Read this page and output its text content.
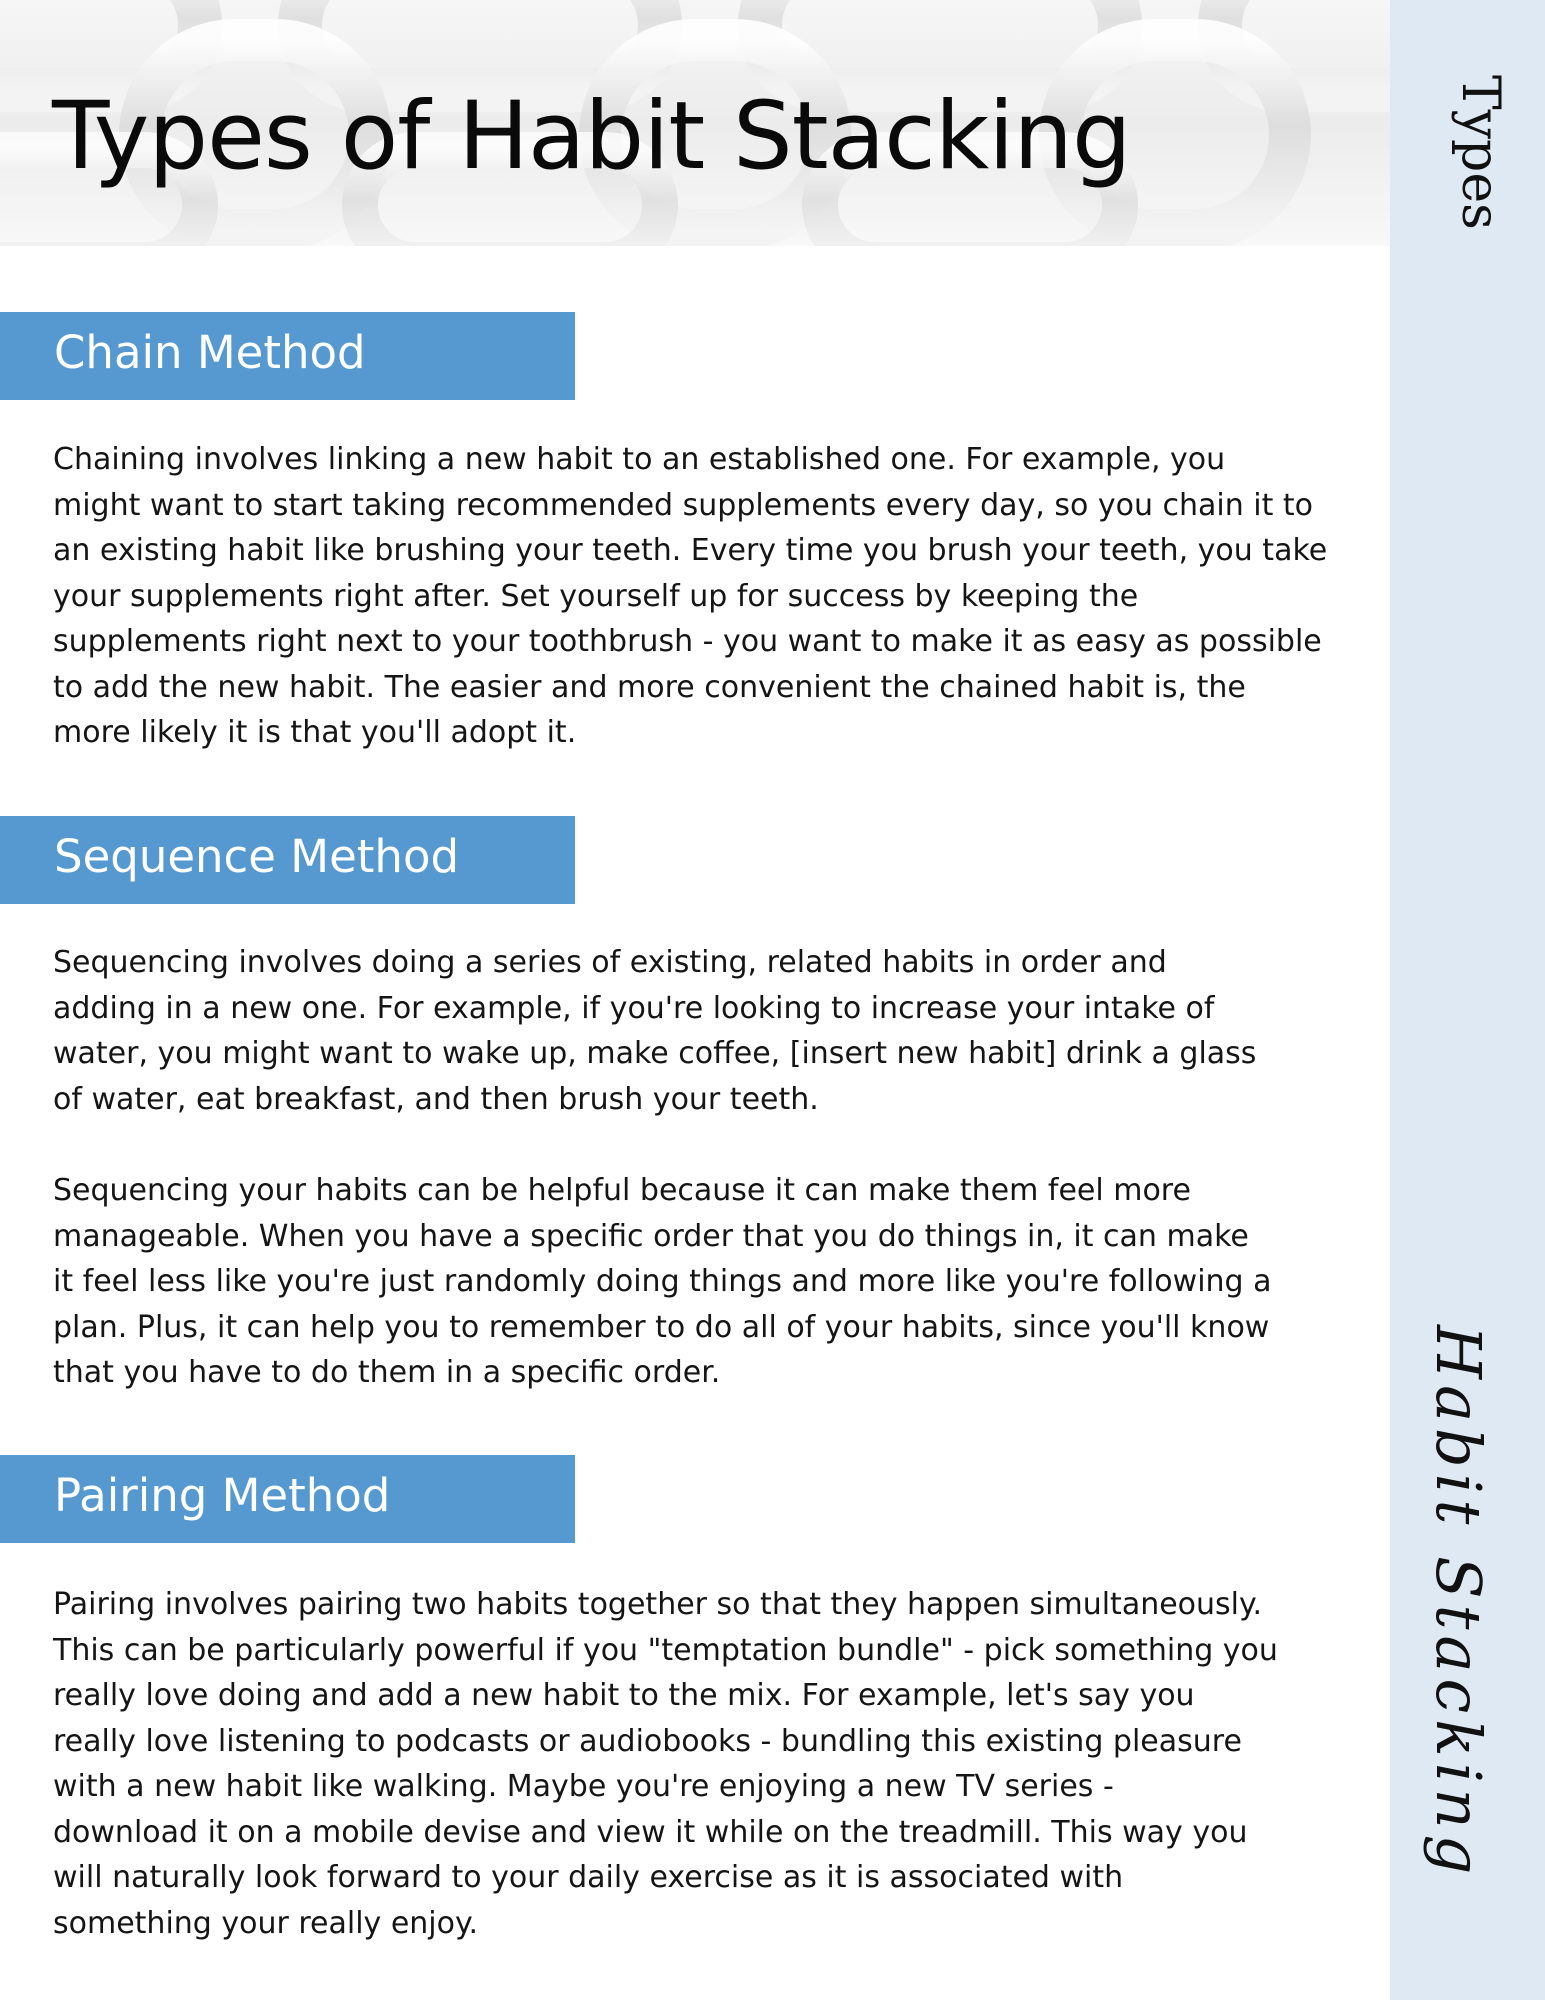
Types of Habit Stacking	Types
Habit Stacking
Chain Method

Chaining involves linking a new habit to an established one. For example, you
might want to start taking recommended supplements every day, so you chain it to
an existing habit like brushing your teeth. Every time you brush your teeth, you take
your supplements right after. Set yourself up for success by keeping the
supplements right next to your toothbrush - you want to make it as easy as possible
to add the new habit. The easier and more convenient the chained habit is, the
more likely it is that you'll adopt it.

Sequence Method

Sequencing involves doing a series of existing, related habits in order and
adding in a new one. For example, if you're looking to increase your intake of
water, you might want to wake up, make coffee, [insert new habit] drink a glass
of water, eat breakfast, and then brush your teeth.

Sequencing your habits can be helpful because it can make them feel more
manageable. When you have a specific order that you do things in, it can make
it feel less like you're just randomly doing things and more like you're following a
plan. Plus, it can help you to remember to do all of your habits, since you'll know
that you have to do them in a specific order.

Pairing Method

Pairing involves pairing two habits together so that they happen simultaneously.
This can be particularly powerful if you "temptation bundle" - pick something you
really love doing and add a new habit to the mix. For example, let's say you
really love listening to podcasts or audiobooks - bundling this existing pleasure
with a new habit like walking. Maybe you're enjoying a new TV series -
download it on a mobile devise and view it while on the treadmill. This way you
will naturally look forward to your daily exercise as it is associated with
something your really enjoy.
